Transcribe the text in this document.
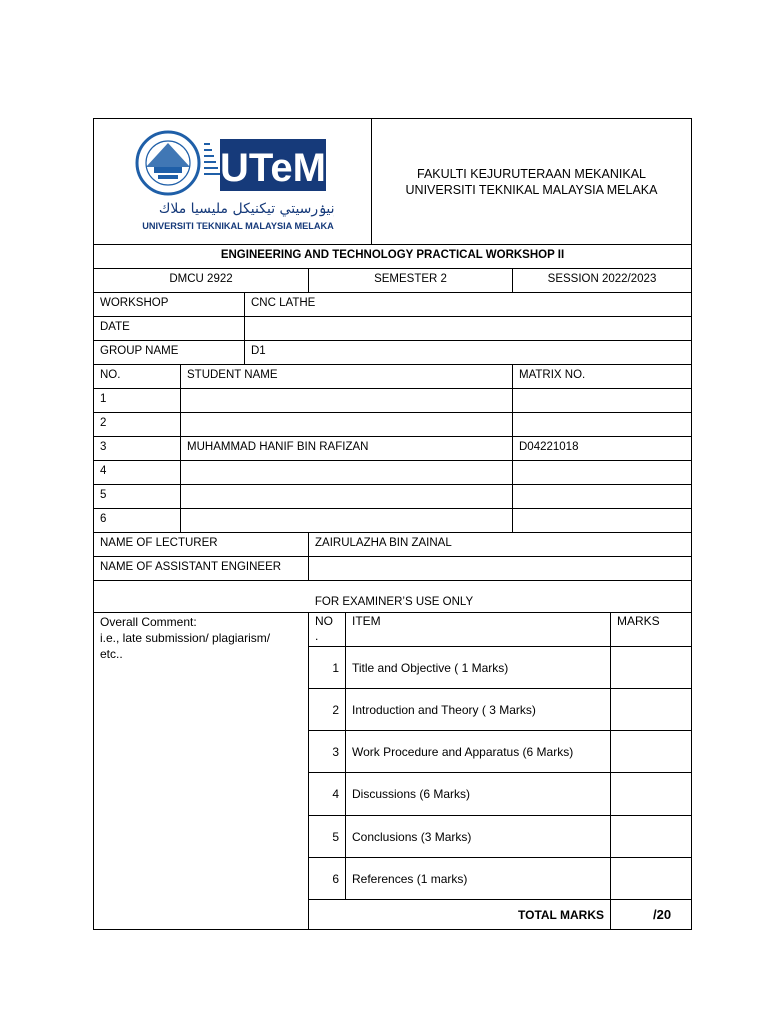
UTeM
اونيۏرسيتي تيكنيكل مليسيا ملاك
UNIVERSITI TEKNIKAL MALAYSIA MELAKA
FAKULTI KEJURUTERAAN MEKANIKAL
UNIVERSITI TEKNIKAL MALAYSIA MELAKA
ENGINEERING AND TECHNOLOGY PRACTICAL WORKSHOP II
DMCU 2922	SEMESTER 2	SESSION 2022/2023
WORKSHOP	CNC LATHE
DATE
GROUP NAME	D1
NO.	STUDENT NAME	MATRIX NO.
1
2
3	MUHAMMAD HANIF BIN RAFIZAN	D04221018
4
5
6
NAME OF LECTURER	ZAIRULAZHA BIN ZAINAL
NAME OF ASSISTANT ENGINEER
FOR EXAMINER’S USE ONLY
Overall Comment:
i.e., late submission/ plagiarism/
etc..
NO
.
ITEM	MARKS
1	Title and Objective ( 1 Marks)
2	Introduction and Theory ( 3 Marks)
3	Work Procedure and Apparatus (6 Marks)
4	Discussions (6 Marks)
5	Conclusions (3 Marks)
6	References (1 marks)
TOTAL MARKS	/20
